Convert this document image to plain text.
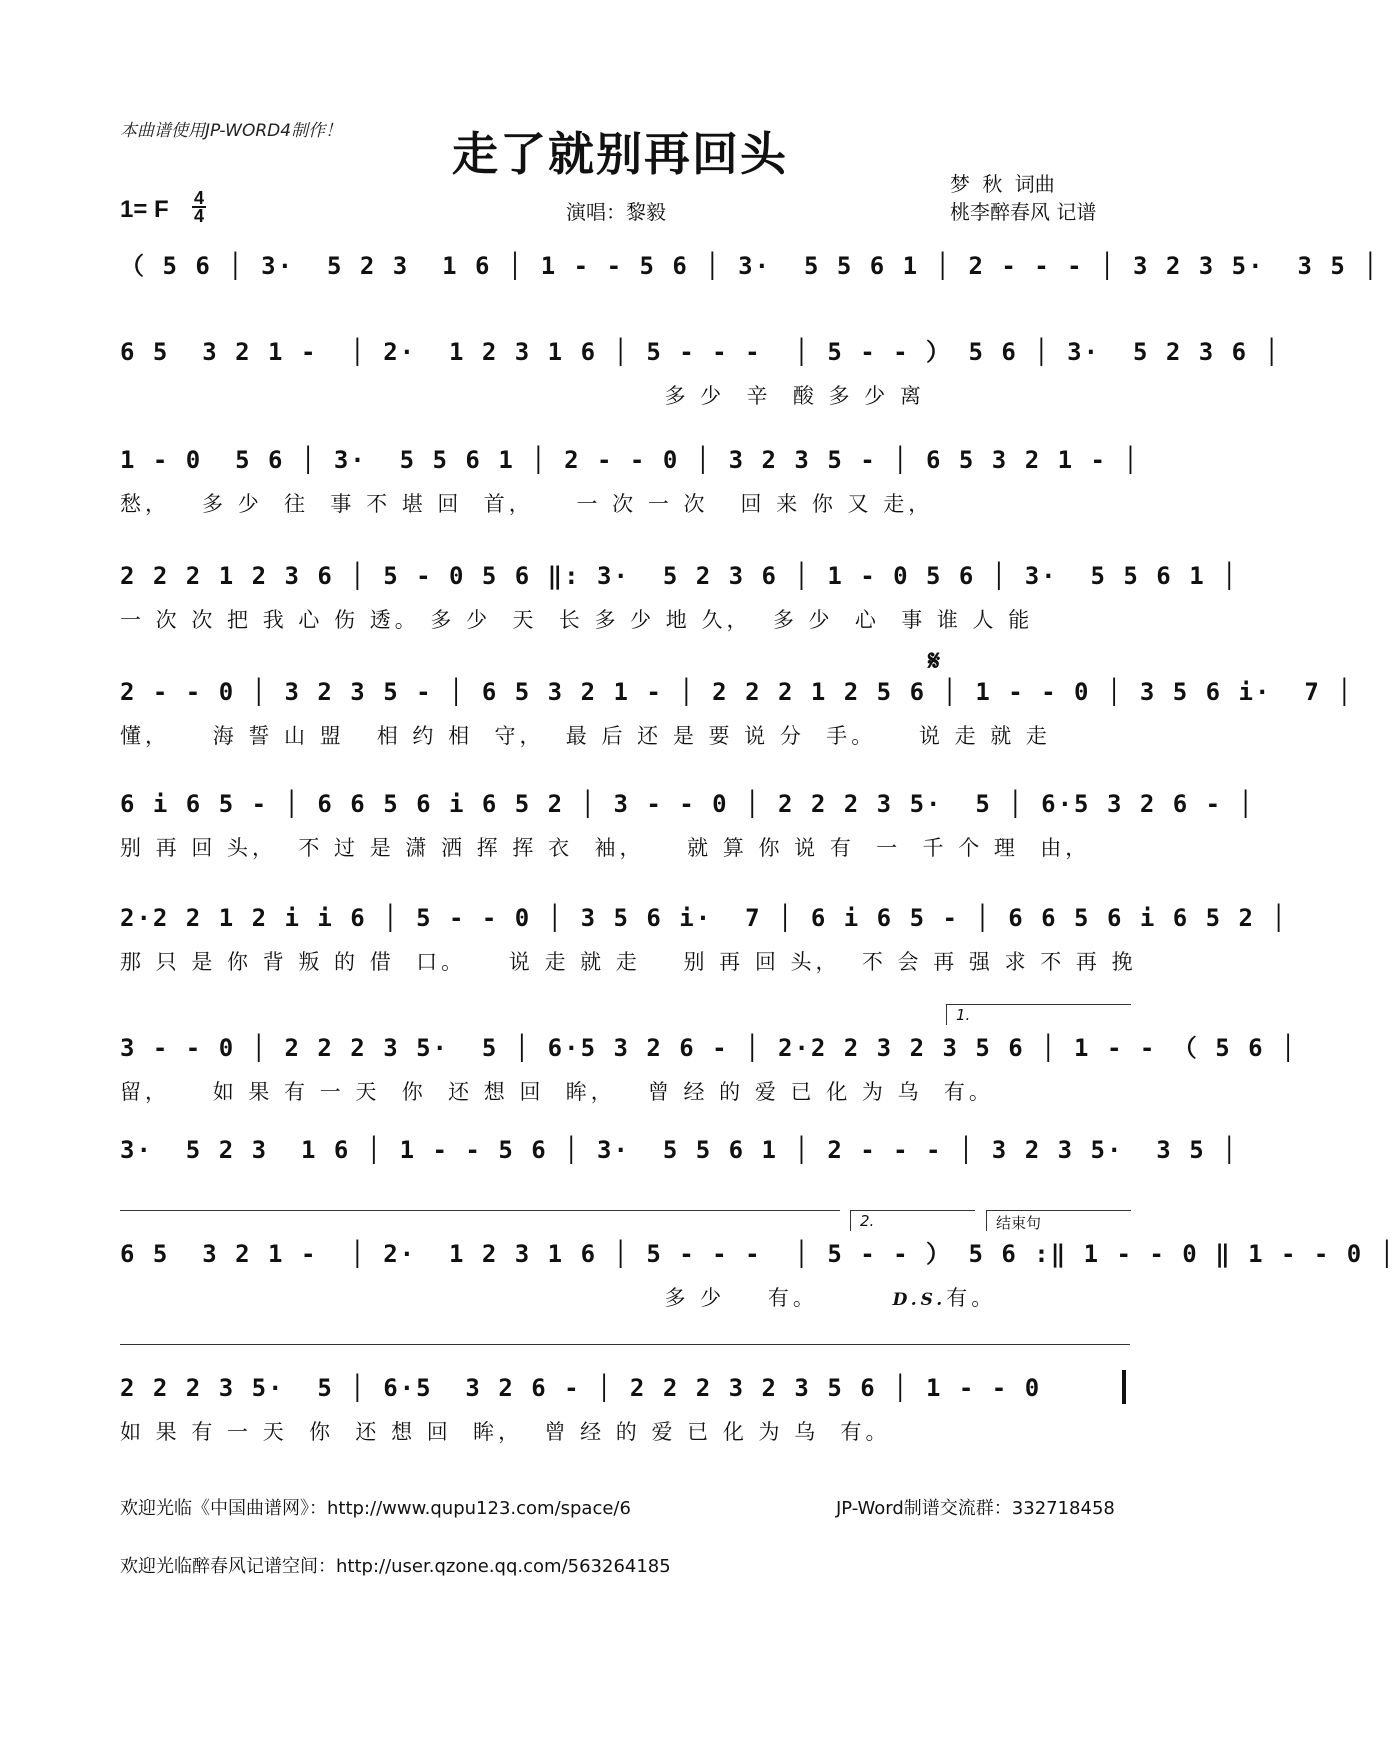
本曲谱使用JP-WORD4制作！	走了就别再回头
1= F 4
4	演唱：黎毅
梦 秋 词曲
桃李醉春风 记谱
（ 5 6 │ 3·  5 2 3  1 6 │ 1 - - 5 6 │ 3·  5 5 6 1 │ 2 - - - │ 3 2 3 5·  3 5 │
6 5  3 2 1 -  │ 2·  1 2 3 1 6 │ 5 - - -  │ 5 - - ） 5 6 │ 3·  5 2 3 6 │
多 少  辛  酸 多 少 离
1 - 0  5 6 │ 3·  5 5 6 1 │ 2 - - 0 │ 3 2 3 5 - │ 6 5 3 2 1 - │
愁，   多 少  往  事 不 堪 回  首，    一 次 一 次   回 来 你 又 走，
2 2 2 1 2 3 6 │ 5 - 0 5 6 ‖: 3·  5 2 3 6 │ 1 - 0 5 6 │ 3·  5 5 6 1 │
一 次 次 把 我 心 伤 透。 多 少  天  长 多 少 地 久，  多 少  心  事 谁 人 能
𝄋
2 - - 0 │ 3 2 3 5 - │ 6 5 3 2 1 - │ 2 2 2 1 2 5 6 │ 1 - - 0 │ 3 5 6 i·  7 │
懂，    海 誓 山 盟   相 约 相  守，  最 后 还 是 要 说 分  手。    说 走 就 走
6 i 6 5 - │ 6 6 5 6 i 6 5 2 │ 3 - - 0 │ 2 2 2 3 5·  5 │ 6·5 3 2 6 - │
别 再 回 头，  不 过 是 潇 洒 挥 挥 衣  袖，    就 算 你 说 有  一  千 个 理  由，
2·2 2 1 2 i i 6 │ 5 - - 0 │ 3 5 6 i·  7 │ 6 i 6 5 - │ 6 6 5 6 i 6 5 2 │
那 只 是 你 背 叛 的 借  口。    说 走 就 走    别 再 回 头，  不 会 再 强 求 不 再 挽
1.
3 - - 0 │ 2 2 2 3 5·  5 │ 6·5 3 2 6 - │ 2·2 2 3 2 3 5 6 │ 1 - - （ 5 6 │
留，    如 果 有 一 天  你  还 想 回  眸，   曾 经 的 爱 已 化 为 乌  有。
3·  5 2 3  1 6 │ 1 - - 5 6 │ 3·  5 5 6 1 │ 2 - - - │ 3 2 3 5·  3 5 │
2.	结束句
6 5  3 2 1 -  │ 2·  1 2 3 1 6 │ 5 - - -  │ 5 - - ） 5 6 :‖ 1 - - 0 ‖ 1 - - 0 │
多 少    有。	D.S.有。
2 2 2 3 5·  5 │ 6·5  3 2 6 - │ 2 2 2 3 2 3 5 6 │ 1 - - 0
如 果 有 一 天  你  还 想 回  眸，  曾 经 的 爱 已 化 为 乌  有。
欢迎光临《中国曲谱网》：http://www.qupu123.com/space/6	JP-Word制谱交流群：332718458
欢迎光临醉春风记谱空间：http://user.qzone.qq.com/563264185
